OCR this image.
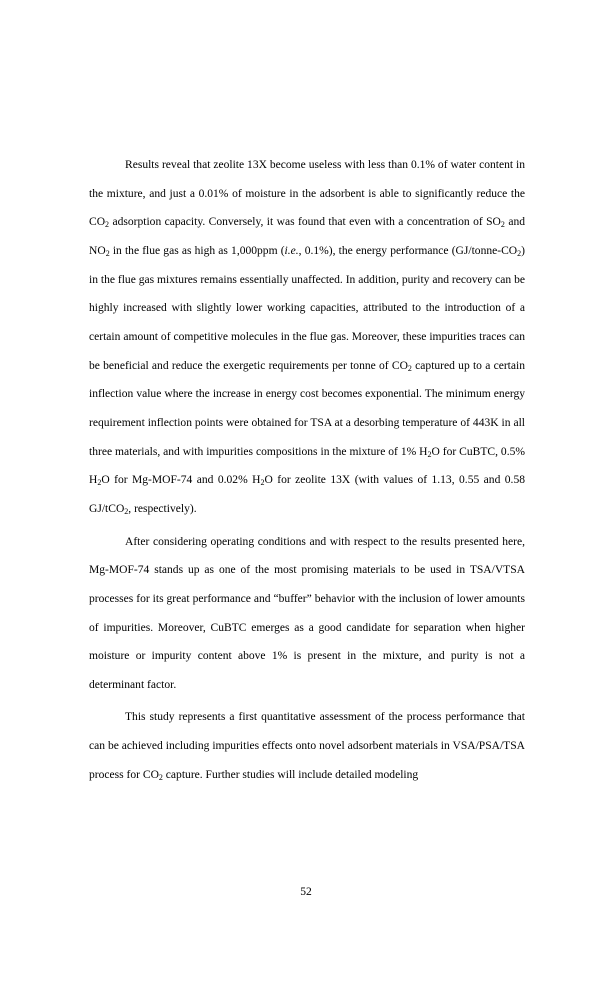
Results reveal that zeolite 13X become useless with less than 0.1% of water content in the mixture, and just a 0.01% of moisture in the adsorbent is able to significantly reduce the $CO_2$ adsorption capacity. Conversely, it was found that even with a concentration of $SO_2$ and $NO_2$ in the flue gas as high as 1,000ppm (i.e., 0.1%), the energy performance $(GJ/tonne-CO_2)$ in the flue gas mixtures remains essentially unaffected. In addition, purity and recovery can be highly increased with slightly lower working capacities, attributed to the introduction of a certain amount of competitive molecules in the flue gas. Moreover, these impurities traces can be beneficial and reduce the exergetic requirements per tonne of $CO_2$ captured up to a certain inflection value where the increase in energy cost becomes exponential. The minimum energy requirement inflection points were obtained for TSA at a desorbing temperature of 443K in all three materials, and with impurities compositions in the mixture of 1% $H_2O$ for CuBTC, 0.5% $H_2O$ for Mg-MOF-74 and 0.02% $H_2O$ for zeolite 13X (with values of 1.13, 0.55 and 0.58 GJ/tCO$_2$, respectively).

After considering operating conditions and with respect to the results presented here, Mg-MOF-74 stands up as one of the most promising materials to be used in TSA/VTSA processes for its great performance and “buffer” behavior with the inclusion of lower amounts of impurities. Moreover, CuBTC emerges as a good candidate for separation when higher moisture or impurity content above 1% is present in the mixture, and purity is not a determinant factor.

This study represents a first quantitative assessment of the process performance that can be achieved including impurities effects onto novel adsorbent materials in VSA/PSA/TSA process for $CO_2$ capture. Further studies will include detailed modeling

52
